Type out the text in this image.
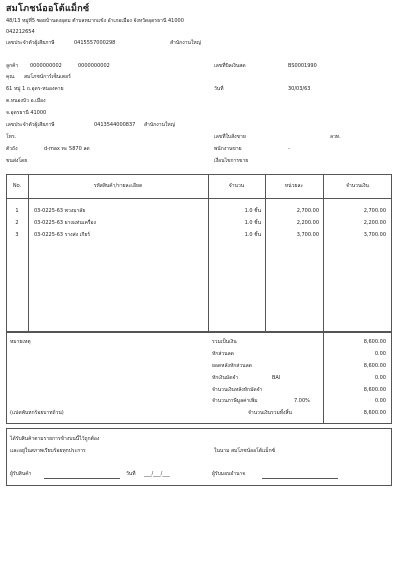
สมโภชน์ออโต้แม็กซ์
48/13 หมู่ที่5 ซอยบ้านดงอุดม ตำบลหมากแข้ง อำเภอเมือง จังหวัดอุดรธานี 41000
042212654
เลขประจำตัวผู้เสียภาษี	0415557000298	สำนักงานใหญ่
ลูกค้า 0000000002	0000000002	เลขที่บิลเงินสด	BS0001990
คุณ. สมโภชน์การ์เซ็นเตอร์
61 หมู่ 1 ถ.อุดร-หนองคาย	วันที่	30/03/63
ต.หนองบัว อ.เมือง
จ.อุดรธานี 41000
เลขประจำตัวผู้เสียภาษี	0413544000837 สำนักงานใหญ่
โทร.	เลขที่ใบสั่งขาย	ลวท.
ตัวถัง	d-max ทะ 5870 ลด	พนักงานขาย	-
ขนส่งโดย	เงื่อนไขการขาย
No.	รหัสสินค้า/รายละเอียด	จำนวน	หน่วยละ	จำนวนเงิน
1	03-0225-63 พวงมาลัย	1.0 ชิ้น	2,700.00	2,700.00
2	03-0225-63 ยางแท่นเครื่อง	1.0 ชิ้น	2,200.00	2,200.00
3	03-0225-63 รางส่ง เกียร์	1.0 ชิ้น	3,700.00	3,700.00
หมายเหตุ
(แปดพันหกร้อยบาทถ้วน)
รวมเป็นเงิน	8,600.00
หักส่วนลด	0.00
ยอดหลังหักส่วนลด	8,600.00
หักเงินมัดจำ	BAI	0.00
จำนวนเงินหลังหักมัดจำ	8,600.00
จำนวนภาษีมูลค่าเพิ่ม	7.00%	0.00
จำนวนเงินรวมทั้งสิ้น	8,600.00
ได้รับสินค้าตามรายการข้างบนนี้ไว้ถูกต้อง
และอยู่ในสภาพเรียบร้อยทุกประการ	ในนาม สมโภชน์ออโต้แม็กซ์
ผู้รับสินค้า	วันที่ ___/___/___	ผู้รับมอบอำนาจ
